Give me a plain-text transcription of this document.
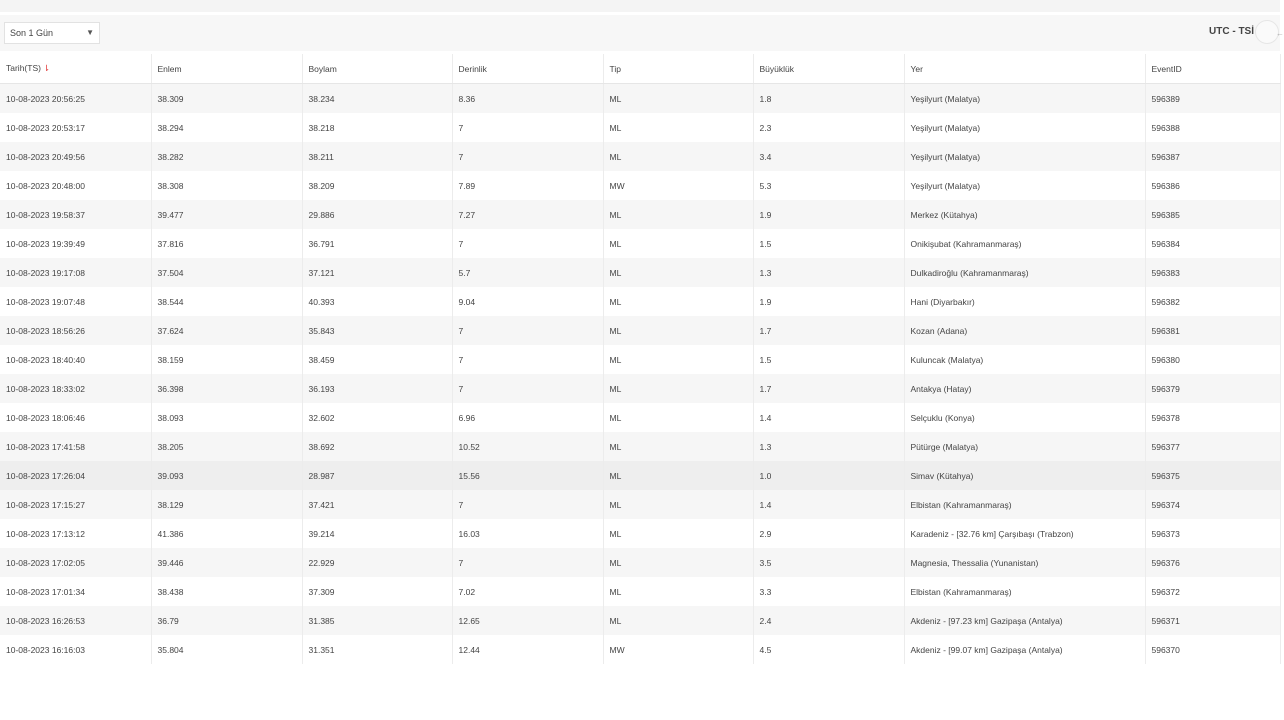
Son 1 Gün	▼	UTC - TSİ	←
Tarih(TS) ⇂	Enlem	Boylam	Derinlik	Tip	Büyüklük	Yer	EventID
10-08-2023 20:56:25	38.309	38.234	8.36	ML	1.8	Yeşilyurt (Malatya)	596389
10-08-2023 20:53:17	38.294	38.218	7	ML	2.3	Yeşilyurt (Malatya)	596388
10-08-2023 20:49:56	38.282	38.211	7	ML	3.4	Yeşilyurt (Malatya)	596387
10-08-2023 20:48:00	38.308	38.209	7.89	MW	5.3	Yeşilyurt (Malatya)	596386
10-08-2023 19:58:37	39.477	29.886	7.27	ML	1.9	Merkez (Kütahya)	596385
10-08-2023 19:39:49	37.816	36.791	7	ML	1.5	Onikişubat (Kahramanmaraş)	596384
10-08-2023 19:17:08	37.504	37.121	5.7	ML	1.3	Dulkadiroğlu (Kahramanmaraş)	596383
10-08-2023 19:07:48	38.544	40.393	9.04	ML	1.9	Hani (Diyarbakır)	596382
10-08-2023 18:56:26	37.624	35.843	7	ML	1.7	Kozan (Adana)	596381
10-08-2023 18:40:40	38.159	38.459	7	ML	1.5	Kuluncak (Malatya)	596380
10-08-2023 18:33:02	36.398	36.193	7	ML	1.7	Antakya (Hatay)	596379
10-08-2023 18:06:46	38.093	32.602	6.96	ML	1.4	Selçuklu (Konya)	596378
10-08-2023 17:41:58	38.205	38.692	10.52	ML	1.3	Pütürge (Malatya)	596377
10-08-2023 17:26:04	39.093	28.987	15.56	ML	1.0	Simav (Kütahya)	596375
10-08-2023 17:15:27	38.129	37.421	7	ML	1.4	Elbistan (Kahramanmaraş)	596374
10-08-2023 17:13:12	41.386	39.214	16.03	ML	2.9	Karadeniz - [32.76 km] Çarşıbaşı (Trabzon)	596373
10-08-2023 17:02:05	39.446	22.929	7	ML	3.5	Magnesia, Thessalia (Yunanistan)	596376
10-08-2023 17:01:34	38.438	37.309	7.02	ML	3.3	Elbistan (Kahramanmaraş)	596372
10-08-2023 16:26:53	36.79	31.385	12.65	ML	2.4	Akdeniz - [97.23 km] Gazipaşa (Antalya)	596371
10-08-2023 16:16:03	35.804	31.351	12.44	MW	4.5	Akdeniz - [99.07 km] Gazipaşa (Antalya)	596370
